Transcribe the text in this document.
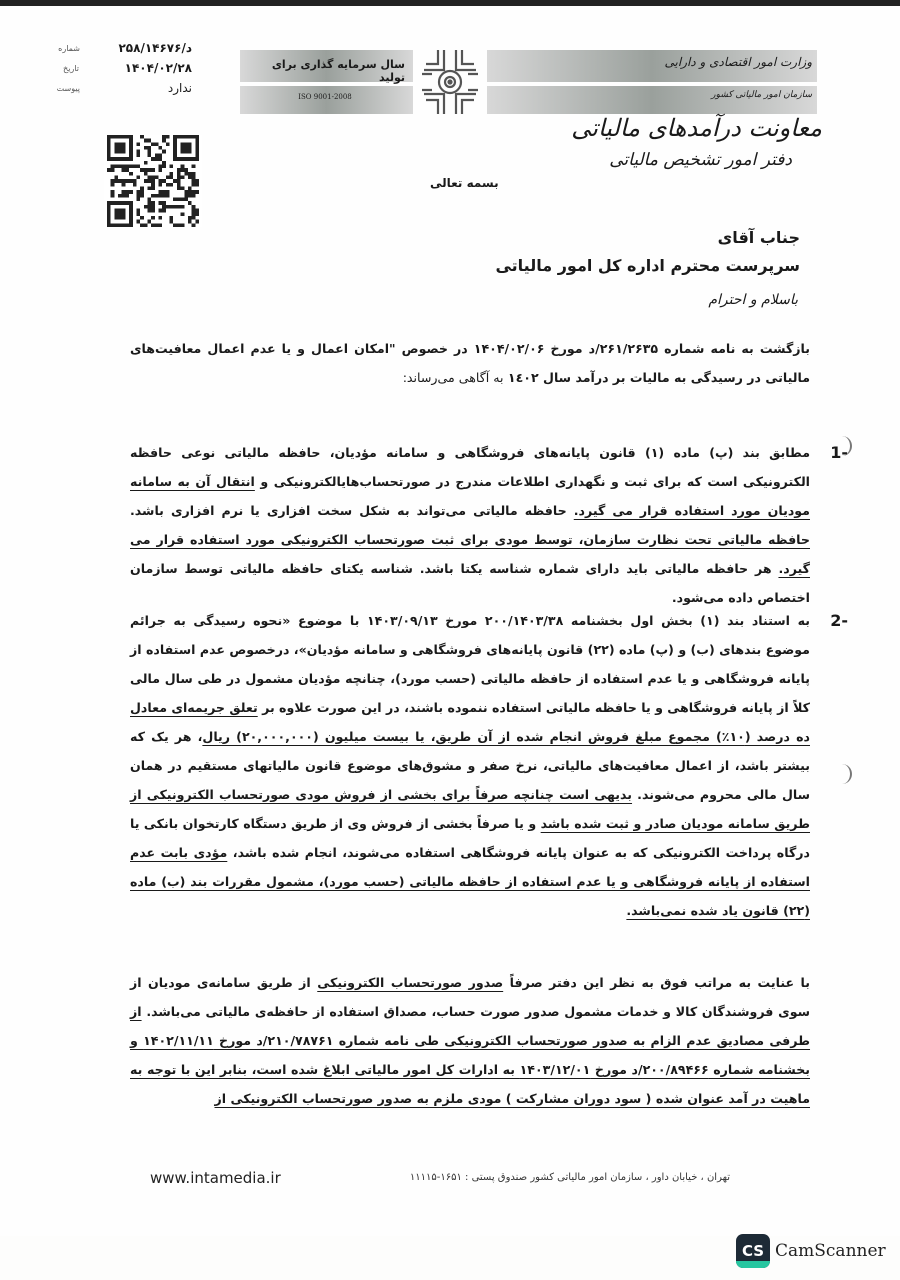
د/۲۵۸/۱۴۶۷۶
شماره
۱۴۰۴/۰۲/۲۸
تاریخ
ندارد
پیوست
سال سرمایه گذاری برای تولید
ISO 9001-2008
وزارت امور اقتصادی و دارایی
سازمان امور مالیاتی کشور
معاونت درآمدهای مالیاتی
دفتر امور تشخیص مالیاتی
بسمه تعالی
جناب آقای
سرپرست محترم اداره کل امور مالیاتی
باسلام و احترام
بازگشت به نامه شماره ۲۶۱/۲۶۳۵/د مورخ ۱۴۰۴/۰۲/۰۶ در خصوص "امکان اعمال و یا عدم اعمال معافیت‌های مالیاتی در رسیدگی به مالیات بر درآمد سال ۱٤۰۲ به آگاهی می‌رساند:
1-
مطابق بند (پ) ماده (۱) قانون پایانه‌های فروشگاهی و سامانه مؤدیان، حافظه مالیاتی نوعی حافظه الکترونیکی است که برای ثبت و نگهداری اطلاعات مندرج در صورتحساب‌هایالکترونیکی و انتقال آن به سامانه مودیان مورد استفاده قرار می گیرد. حافظه مالیاتی می‌تواند به شکل سخت افزاری یا نرم افزاری باشد. حافظه مالیاتی تحت نظارت سازمان، توسط مودی برای ثبت صورتحساب الکترونیکی مورد استفاده قرار می گیرد. هر حافظه مالیاتی باید دارای شماره شناسه یکتا باشد. شناسه یکتای حافظه مالیاتی توسط سازمان اختصاص داده می‌شود.
2-
به استناد بند (۱) بخش اول بخشنامه ۲۰۰/۱۴۰۳/۳۸ مورخ ۱۴۰۳/۰۹/۱۳ با موضوع «نحوه رسیدگی به جرائم موضوع بندهای (ب) و (پ) ماده (۲۲) قانون پایانه‌های فروشگاهی و سامانه مؤدیان»، درخصوص عدم استفاده از پایانه فروشگاهی و یا عدم استفاده از حافظه مالیاتی (حسب مورد)، چنانچه مؤدیان مشمول در طی سال مالی کلاً از پایانه فروشگاهی و یا حافظه مالیاتی استفاده ننموده باشند، در این صورت علاوه بر تعلق جریمه‌ای معادل ده درصد (۱۰٪) مجموع مبلغ فروش انجام شده از آن طریق، یا بیست میلیون (۲۰,۰۰۰,۰۰۰) ریال، هر یک که بیشتر باشد، از اعمال معافیت‌های مالیاتی، نرخ صفر و مشوق‌های موضوع قانون مالیاتهای مستقیم در همان سال مالی محروم می‌شوند. بدیهی است چنانچه صرفاً برای بخشی از فروش مودی صورتحساب الکترونیکی از طریق سامانه مودیان صادر و ثبت شده باشد و یا صرفاً بخشی از فروش وی از طریق دستگاه کارتخوان بانکی یا درگاه پرداخت الکترونیکی که به عنوان پایانه فروشگاهی استفاده می‌شوند، انجام شده باشد، مؤدی بابت عدم استفاده از پایانه فروشگاهی و یا عدم استفاده از حافظه مالیاتی (حسب مورد)، مشمول مقررات بند (ب) ماده (۲۲) قانون یاد شده نمی‌باشد.
با عنایت به مراتب فوق به نظر این دفتر صرفاً صدور صورتحساب الکترونیکی از طریق سامانه‌ی مودیان از سوی فروشندگان کالا و خدمات مشمول صدور صورت حساب، مصداق استفاده از حافظه‌ی مالیاتی می‌باشد. از طرفی مصادیق عدم الزام به صدور صورتحساب الکترونیکی طی نامه شماره ۲۱۰/۷۸۷۶۱/د مورخ ۱۴۰۲/۱۱/۱۱ و بخشنامه شماره ۲۰۰/۸۹۴۶۶/د مورخ ۱۴۰۳/۱۲/۰۱ به ادارات کل امور مالیاتی ابلاغ شده است، بنابر این با توجه به ماهیت در آمد عنوان شده ( سود دوران مشارکت ) مودی ملزم به صدور صورتحساب الکترونیکی از
تهران ، خیابان داور ، سازمان امور مالیاتی کشور صندوق پستی : ۱۶۵۱-۱۱۱۱۵
www.intamedia.ir
CS CamScanner
